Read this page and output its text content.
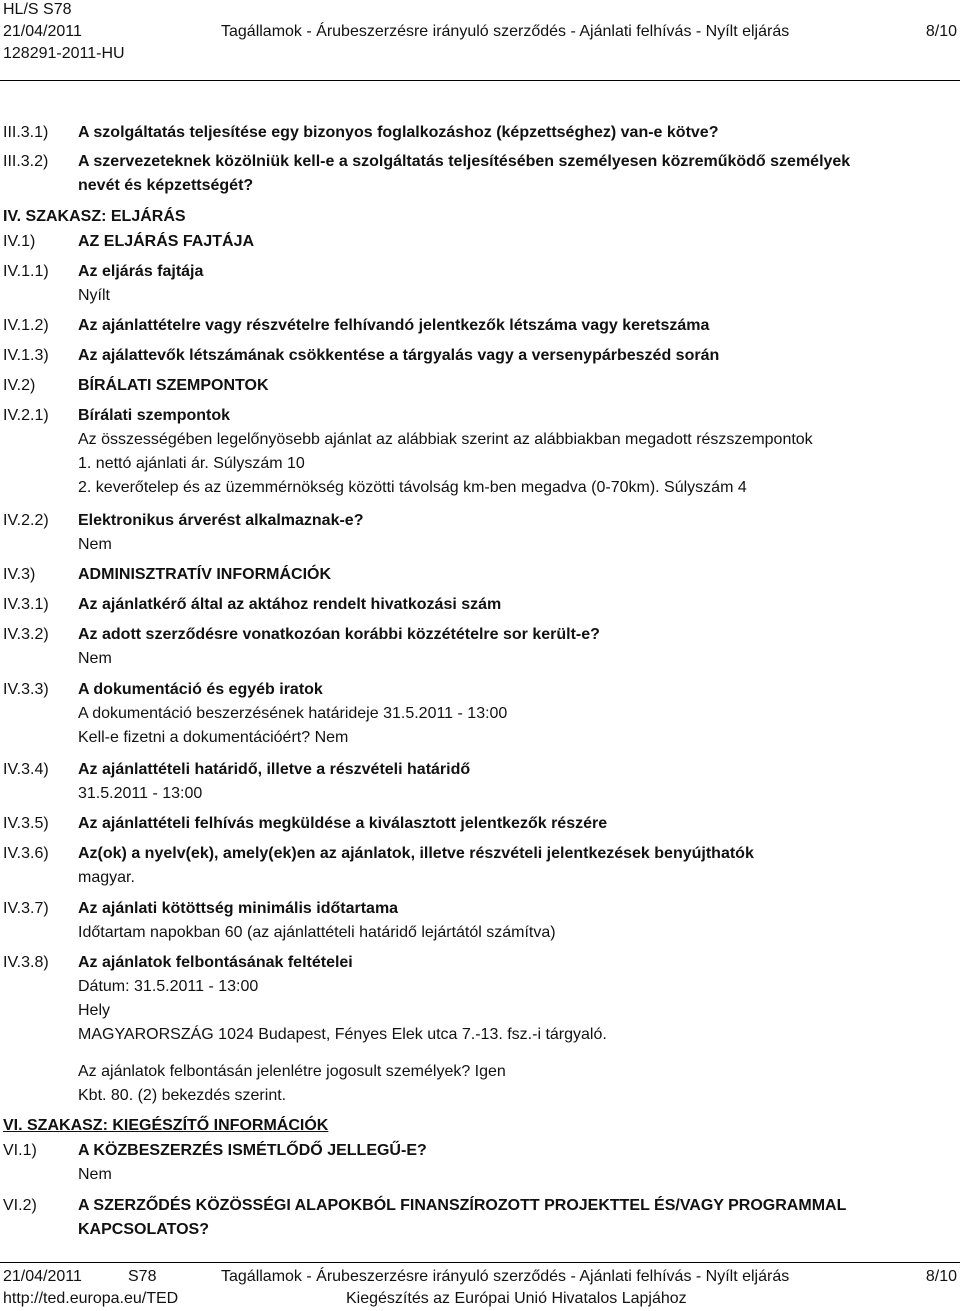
HL/S S78
21/04/2011	Tagállamok - Árubeszerzésre irányuló szerződés - Ajánlati felhívás - Nyílt eljárás	8/10
128291-2011-HU
III.3.1) A szolgáltatás teljesítése egy bizonyos foglalkozáshoz (képzettséghez) van-e kötve?
III.3.2) A szervezeteknek közölniük kell-e a szolgáltatás teljesítésében személyesen közreműködő személyek
nevét és képzettségét?
IV. SZAKASZ: ELJÁRÁS
IV.1)	AZ ELJÁRÁS FAJTÁJA
IV.1.1) Az eljárás fajtája
Nyílt
IV.1.2) Az ajánlattételre vagy részvételre felhívandó jelentkezők létszáma vagy keretszáma
IV.1.3) Az ajálattevők létszámának csökkentése a tárgyalás vagy a versenypárbeszéd során
IV.2)	BÍRÁLATI SZEMPONTOK
IV.2.1) Bírálati szempontok
Az összességében legelőnyösebb ajánlat az alábbiak szerint az alábbiakban megadott részszempontok
1. nettó ajánlati ár. Súlyszám 10
2. keverőtelep és az üzemmérnökség közötti távolság km-ben megadva (0-70km). Súlyszám 4
IV.2.2) Elektronikus árverést alkalmaznak-e?
Nem
IV.3)	ADMINISZTRATÍV INFORMÁCIÓK
IV.3.1) Az ajánlatkérő által az aktához rendelt hivatkozási szám
IV.3.2) Az adott szerződésre vonatkozóan korábbi közzétételre sor került-e?
Nem
IV.3.3) A dokumentáció és egyéb iratok
A dokumentáció beszerzésének határideje 31.5.2011 - 13:00
Kell-e fizetni a dokumentációért? Nem
IV.3.4) Az ajánlattételi határidő, illetve a részvételi határidő
31.5.2011 - 13:00
IV.3.5) Az ajánlattételi felhívás megküldése a kiválasztott jelentkezők részére
IV.3.6) Az(ok) a nyelv(ek), amely(ek)en az ajánlatok, illetve részvételi jelentkezések benyújthatók
magyar.
IV.3.7) Az ajánlati kötöttség minimális időtartama
Időtartam napokban 60 (az ajánlattételi határidő lejártától számítva)
IV.3.8) Az ajánlatok felbontásának feltételei
Dátum: 31.5.2011 - 13:00
Hely
MAGYARORSZÁG 1024 Budapest, Fényes Elek utca 7.-13. fsz.-i tárgyaló.
Az ajánlatok felbontásán jelenlétre jogosult személyek? Igen
Kbt. 80. (2) bekezdés szerint.
VI. SZAKASZ: KIEGÉSZÍTŐ INFORMÁCIÓK
VI.1)	A KÖZBESZERZÉS ISMÉTLŐDŐ JELLEGŰ-E?
Nem
VI.2)	A SZERZŐDÉS KÖZÖSSÉGI ALAPOKBÓL FINANSZÍROZOTT PROJEKTTEL ÉS/VAGY PROGRAMMAL
KAPCSOLATOS?
21/04/2011	S78	Tagállamok - Árubeszerzésre irányuló szerződés - Ajánlati felhívás - Nyílt eljárás	8/10
http://ted.europa.eu/TED	Kiegészítés az Európai Unió Hivatalos Lapjához
